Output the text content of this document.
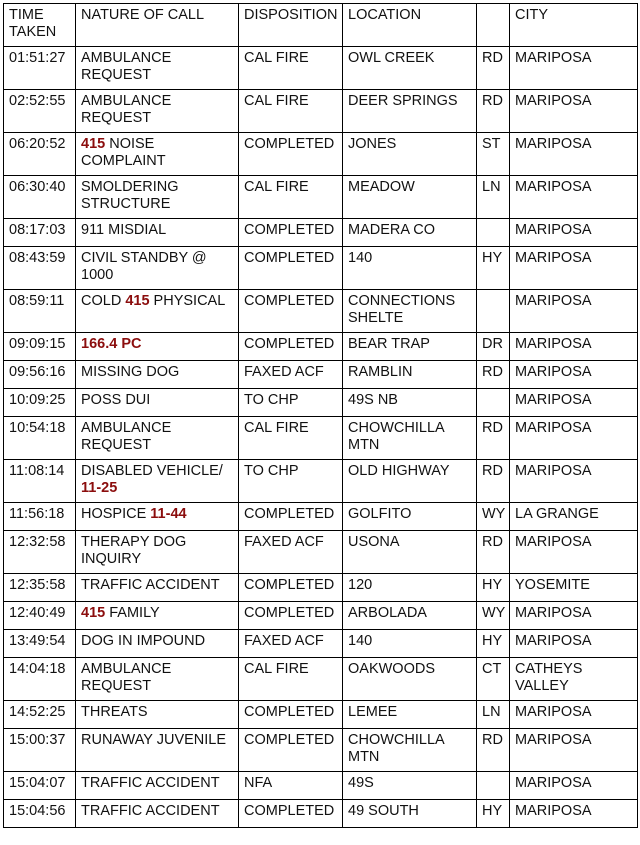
TIME TAKEN	NATURE OF CALL	DISPOSITION	LOCATION		CITY
01:51:27	AMBULANCE REQUEST	CAL FIRE	OWL CREEK	RD	MARIPOSA
02:52:55	AMBULANCE REQUEST	CAL FIRE	DEER SPRINGS	RD	MARIPOSA
06:20:52	415 NOISE COMPLAINT	COMPLETED	JONES	ST	MARIPOSA
06:30:40	SMOLDERING STRUCTURE	CAL FIRE	MEADOW	LN	MARIPOSA
08:17:03	911 MISDIAL	COMPLETED	MADERA CO		MARIPOSA
08:43:59	CIVIL STANDBY @ 1000	COMPLETED	140	HY	MARIPOSA
08:59:11	COLD 415 PHYSICAL	COMPLETED	CONNECTIONS SHELTE		MARIPOSA
09:09:15	166.4 PC	COMPLETED	BEAR TRAP	DR	MARIPOSA
09:56:16	MISSING DOG	FAXED ACF	RAMBLIN	RD	MARIPOSA
10:09:25	POSS DUI	TO CHP	49S NB		MARIPOSA
10:54:18	AMBULANCE REQUEST	CAL FIRE	CHOWCHILLA MTN	RD	MARIPOSA
11:08:14	DISABLED VEHICLE/ 11-25	TO CHP	OLD HIGHWAY	RD	MARIPOSA
11:56:18	HOSPICE 11-44	COMPLETED	GOLFITO	WY	LA GRANGE
12:32:58	THERAPY DOG INQUIRY	FAXED ACF	USONA	RD	MARIPOSA
12:35:58	TRAFFIC ACCIDENT	COMPLETED	120	HY	YOSEMITE
12:40:49	415 FAMILY	COMPLETED	ARBOLADA	WY	MARIPOSA
13:49:54	DOG IN IMPOUND	FAXED ACF	140	HY	MARIPOSA
14:04:18	AMBULANCE REQUEST	CAL FIRE	OAKWOODS	CT	CATHEYS VALLEY
14:52:25	THREATS	COMPLETED	LEMEE	LN	MARIPOSA
15:00:37	RUNAWAY JUVENILE	COMPLETED	CHOWCHILLA MTN	RD	MARIPOSA
15:04:07	TRAFFIC ACCIDENT	NFA	49S		MARIPOSA
15:04:56	TRAFFIC ACCIDENT	COMPLETED	49 SOUTH	HY	MARIPOSA
